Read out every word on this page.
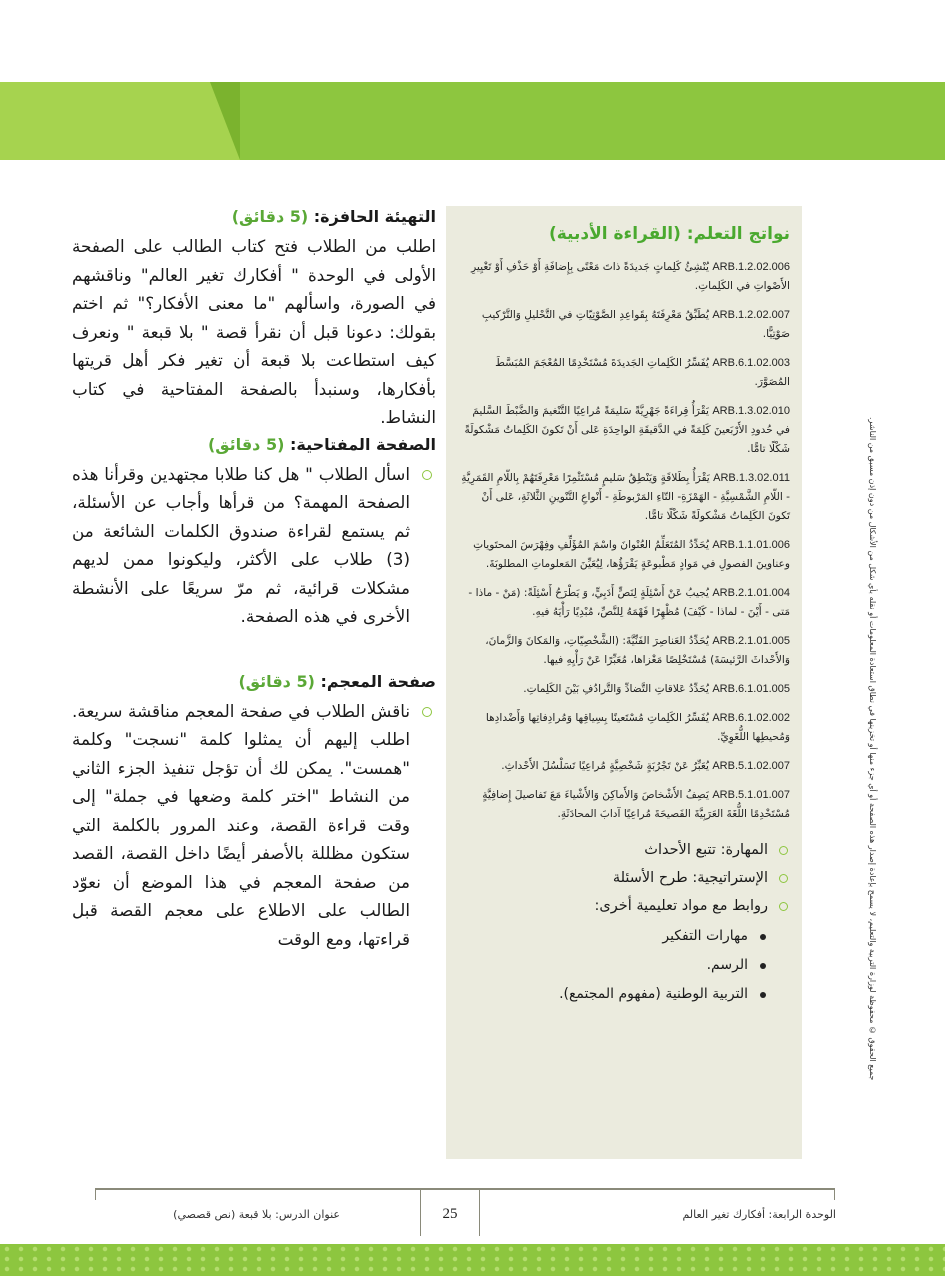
جميع الحقوق © محفوظة لوزارة التربية والتعليم، لا يسمح بإعادة إصدار هذه الصفحة أو أي جزء منها أو تخزينها في نطاق استعادة المعلومات أو نقله بأي شكل من الأشكال من دون إذن مسبق من الناشر.
نواتج التعلم: (القراءة الأدبية)
ARB.1.2.02.006 يُنْشِئُ كَلِماتٍ جَديدَةً ذاتَ مَعْنًى بِإِضافَةِ أَوْ حَذْفِ أَوْ تَغْيِيرِ الأَصْواتِ في الكَلِماتِ.
ARB.1.2.02.007 يُطَبِّقُ مَعْرِفَتَهُ بِقَواعِدِ الصَّوْتِيّاتِ في التَّحْليلِ وَالتَّرْكيبِ صَوْتِيًّا.
ARB.6.1.02.003 يُفَسِّرُ الكَلِماتِ الجَديدَةَ مُسْتَخْدِمًا المُعْجَمَ المُبَسَّطَ المُصَوَّرَ.
ARB.1.3.02.010 يَقْرَأُ قِراءَةً جَهْرِيَّةً سَليمَةً مُراعِيًا التَّنْغيمَ وَالضَّبْطَ السَّليمَ في حُدودِ الأَرْبَعينَ كَلِمَةً في الدَّقيقَةِ الواحِدَةِ عَلى أَنْ تَكونَ الكَلِماتُ مَشْكولَةً شَكْلًا تامًّا.
ARB.1.3.02.011 يَقْرَأُ بِطَلاقَةٍ وَيَنْطِقُ سَليمٍ مُسْتَثْمِرًا مَعْرِفَتَهُمْ بِاللّامِ القَمَرِيَّةِ - اللّامِ الشَّمْسِيَّةِ - الهَمْزَةِ- التّاءِ المَرْبوطَةِ - أَنْواعِ التَّنْوينِ الثَّلاثَةِ، عَلى أَنْ تَكونَ الكَلِماتُ مَشْكولَةً شَكْلًا تامًّا.
ARB.1.1.01.006 يُحَدِّدُ المُتَعَلِّمُ العُنْوانَ واسْمَ المُؤَلِّفِ وفِهْرَسَ المحتَوياتِ وعناوينَ الفصولِ في مَوادٍ مَطْبوعَةٍ يَقْرَؤُها، لِيُعَيِّنَ المَعلوماتِ المطلوبَةَ.
ARB.2.1.01.004 يُجيبُ عَنْ أَسْئِلَةٍ لِنَصٍّ أَدَبِيٍّ، وَ يَطْرَحُ أَسْئِلَةً: (مَنْ - ماذا - مَتى - أَيْنَ - لماذا - كَيْفَ) مُظْهِرًا فَهْمَهُ لِلنَّصِّ، مُبْدِيًا رَأْيَهُ فيهِ.
ARB.2.1.01.005 يُحَدِّدُ العَناصِرَ الفَنِّيَّةَ: (الشَّخْصِيّاتِ، وَالمَكانَ وَالزَّمانَ، وَالأَحْداثَ الرَّئيسَةَ) مُسْتَخْلِصًا مَغْزاها، مُعَبِّرًا عَنْ رَأْيِهِ فيها.
ARB.6.1.01.005 يُحَدِّدُ عَلاقاتِ التَّضادِّ وَالتَّرادُفِ بَيْنَ الكَلِماتِ.
ARB.6.1.02.002 يُفَسِّرُ الكَلِماتِ مُسْتَعينًا بِسِياقِها وَمُرادِفاتِها وَأَضْدادِها وَمُحيطِها اللُّغَوِيِّ.
ARB.5.1.02.007 يُعَبِّرُ عَنْ تَجْرُبَةٍ شَخْصِيَّةٍ مُراعِيًا تَسَلْسُلَ الأَحْداثِ.
ARB.5.1.01.007 يَصِفُ الأَشْخاصَ وَالأَماكِنَ وَالأَشْياءَ مَعَ تَفاصيلَ إِضافِيَّةٍ مُسْتَخْدِمًا اللُّغَةَ العَرَبِيَّةَ الفَصيحَةَ مُراعِيًا آدابَ المحادَثَةِ.
المهارة: تتبع الأحداث
الإستراتيجية: طرح الأسئلة
روابط مع مواد تعليمية أخرى:
مهارات التفكير
الرسم.
التربية الوطنية (مفهوم المجتمع).
التهيئة الحافزة: (5 دقائق)

اطلب من الطلاب فتح كتاب الطالب على الصفحة الأولى في الوحدة " أفكارك تغير العالم" وناقشهم في الصورة، واسألهم "ما معنى الأفكار؟" ثم اختم بقولك: دعونا قبل أن نقرأ قصة " بلا قبعة " ونعرف كيف استطاعت بلا قبعة أن تغير فكر أهل قريتها بأفكارها، وسنبدأ بالصفحة المفتاحية في كتاب النشاط.

الصفحة المفتاحية: (5 دقائق)

اسأل الطلاب " هل كنا طلابا مجتهدين وقرأنا هذه الصفحة المهمة؟ من قرأها وأجاب عن الأسئلة، ثم يستمع لقراءة صندوق الكلمات الشائعة من (3) طلاب على الأكثر، وليكونوا ممن لديهم مشكلات قرائية، ثم مرّ سريعًا على الأنشطة الأخرى في هذه الصفحة.

صفحة المعجم: (5 دقائق)

ناقش الطلاب في صفحة المعجم مناقشة سريعة. اطلب إليهم أن يمثلوا كلمة "نسجت" وكلمة "همست". يمكن لك أن تؤجل تنفيذ الجزء الثاني من النشاط "اختر كلمة وضعها في جملة" إلى وقت قراءة القصة، وعند المرور بالكلمة التي ستكون مظللة بالأصفر أيضًا داخل القصة، القصد من صفحة المعجم في هذا الموضع أن نعوّد الطالب على الاطلاع على معجم القصة قبل قراءتها، ومع الوقت

الوحدة الرابعة: أفكارك تغير العالم
25
عنوان الدرس: بلا قبعة (نص قصصي)
